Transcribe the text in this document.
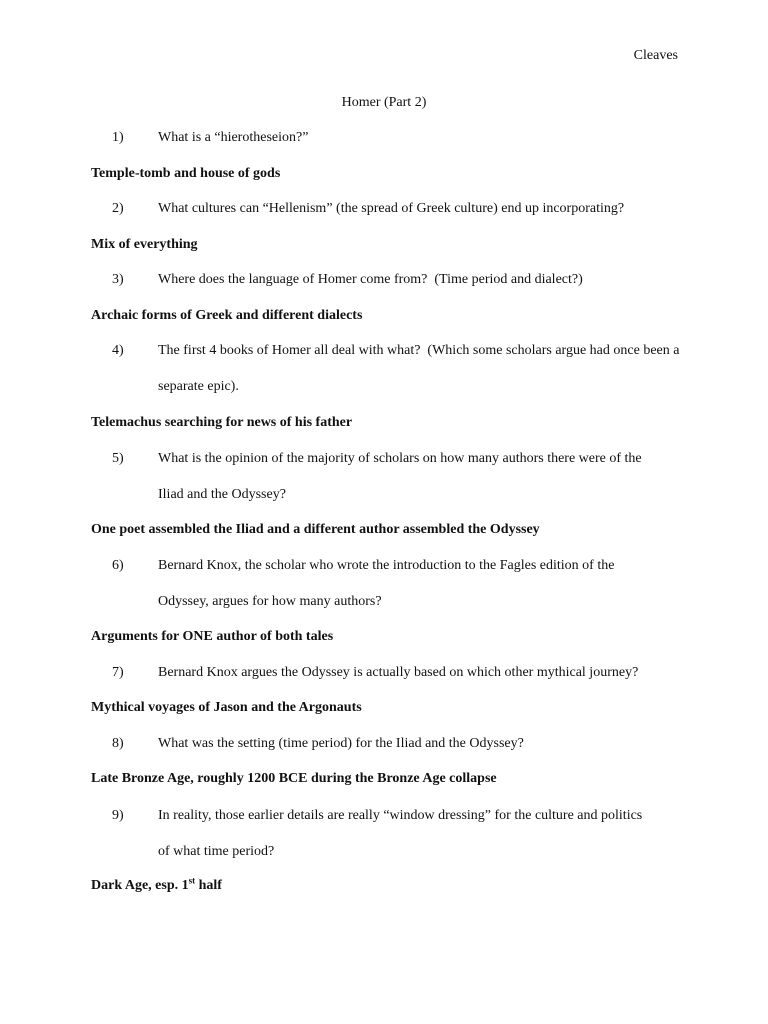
Cleaves
Homer (Part 2)
1) What is a “hierotheseion?”
Temple-tomb and house of gods
2) What cultures can “Hellenism” (the spread of Greek culture) end up incorporating?
Mix of everything
3) Where does the language of Homer come from?  (Time period and dialect?)
Archaic forms of Greek and different dialects
4) The first 4 books of Homer all deal with what?  (Which some scholars argue had once been a separate epic).
Telemachus searching for news of his father
5) What is the opinion of the majority of scholars on how many authors there were of the Iliad and the Odyssey?
One poet assembled the Iliad and a different author assembled the Odyssey
6) Bernard Knox, the scholar who wrote the introduction to the Fagles edition of the Odyssey, argues for how many authors?
Arguments for ONE author of both tales
7) Bernard Knox argues the Odyssey is actually based on which other mythical journey?
Mythical voyages of Jason and the Argonauts
8) What was the setting (time period) for the Iliad and the Odyssey?
Late Bronze Age, roughly 1200 BCE during the Bronze Age collapse
9) In reality, those earlier details are really “window dressing” for the culture and politics of what time period?
Dark Age, esp. 1st half
